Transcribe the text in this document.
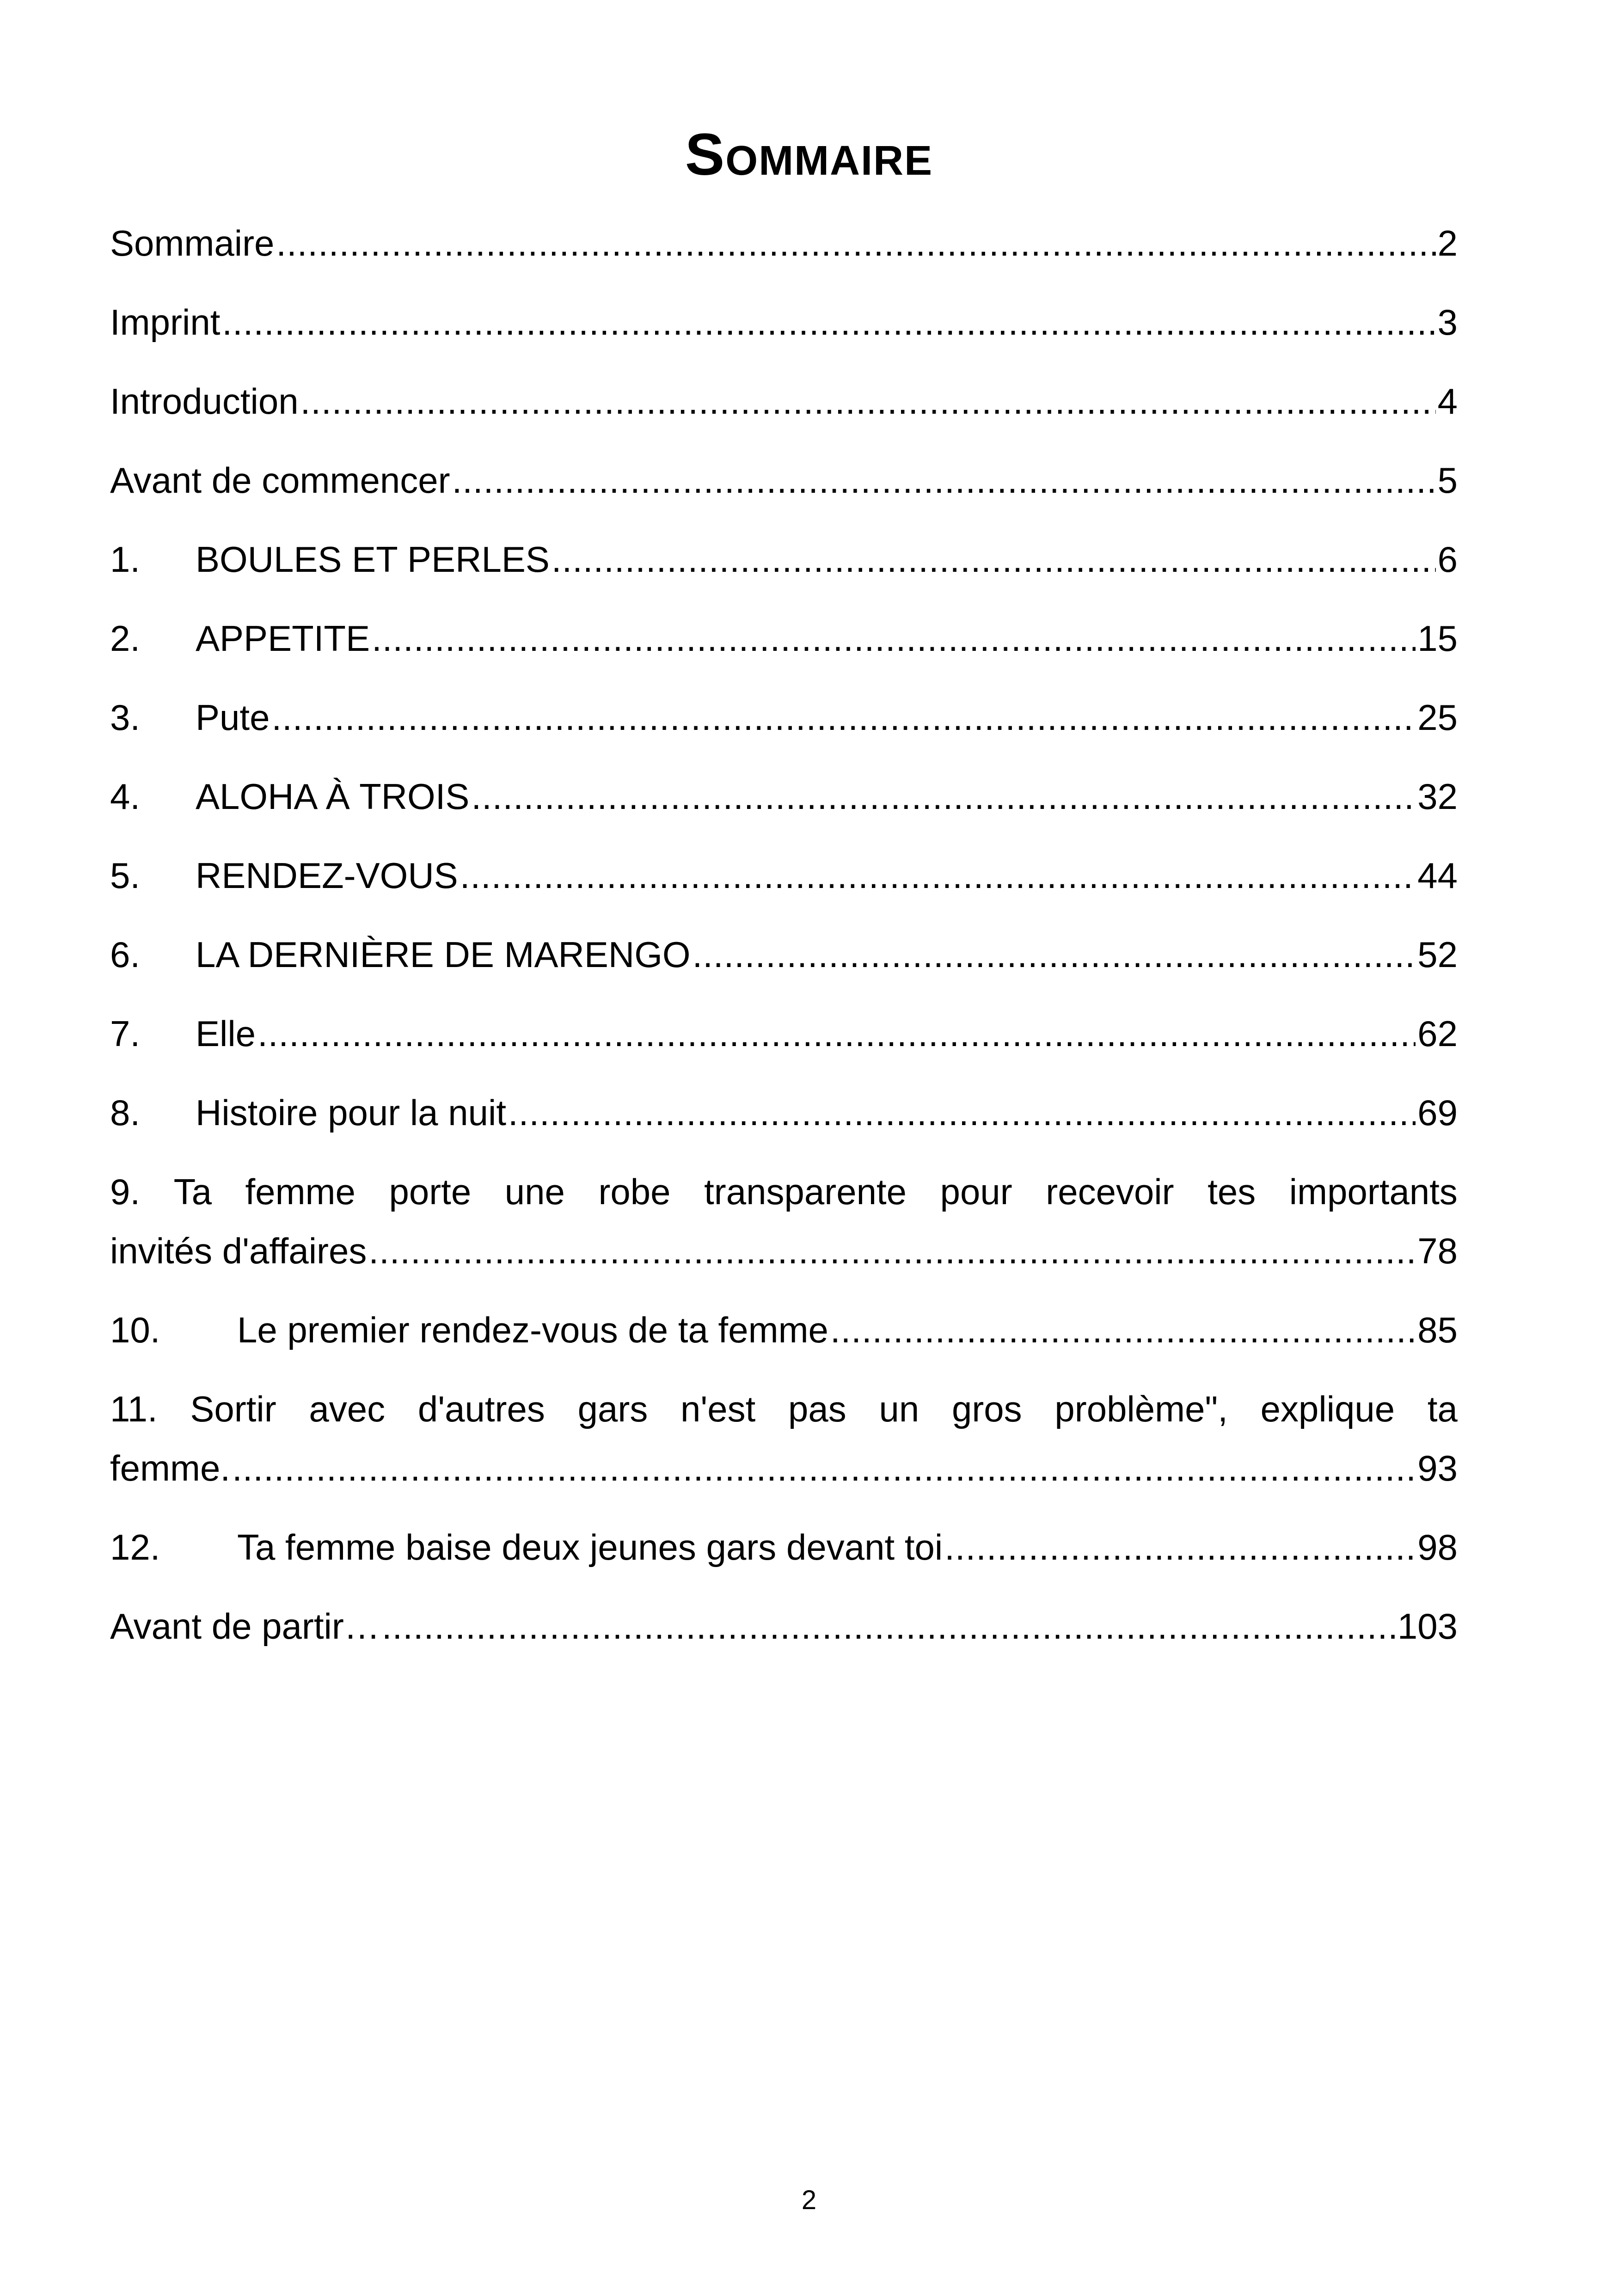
Sommaire
Sommaire .....	2
Imprint .....	3
Introduction .....	4
Avant de commencer .....	5
1.	BOULES ET PERLES .....	6
2.	APPETITE .....	15
3.	Pute .....	25
4.	ALOHA À TROIS .....	32
5.	RENDEZ-VOUS .....	44
6.	LA DERNIÈRE DE MARENGO .....	52
7.	Elle .....	62
8.	Histoire pour la nuit .....	69
9. Ta femme porte une robe transparente pour recevoir tes importants
invités d'affaires .....	78
10.	Le premier rendez-vous de ta femme .....	85
11. Sortir avec d'autres gars n'est pas un gros problème", explique ta
femme. .....	93
12.	Ta femme baise deux jeunes gars devant toi .....	98
Avant de partir… .....	103
2
